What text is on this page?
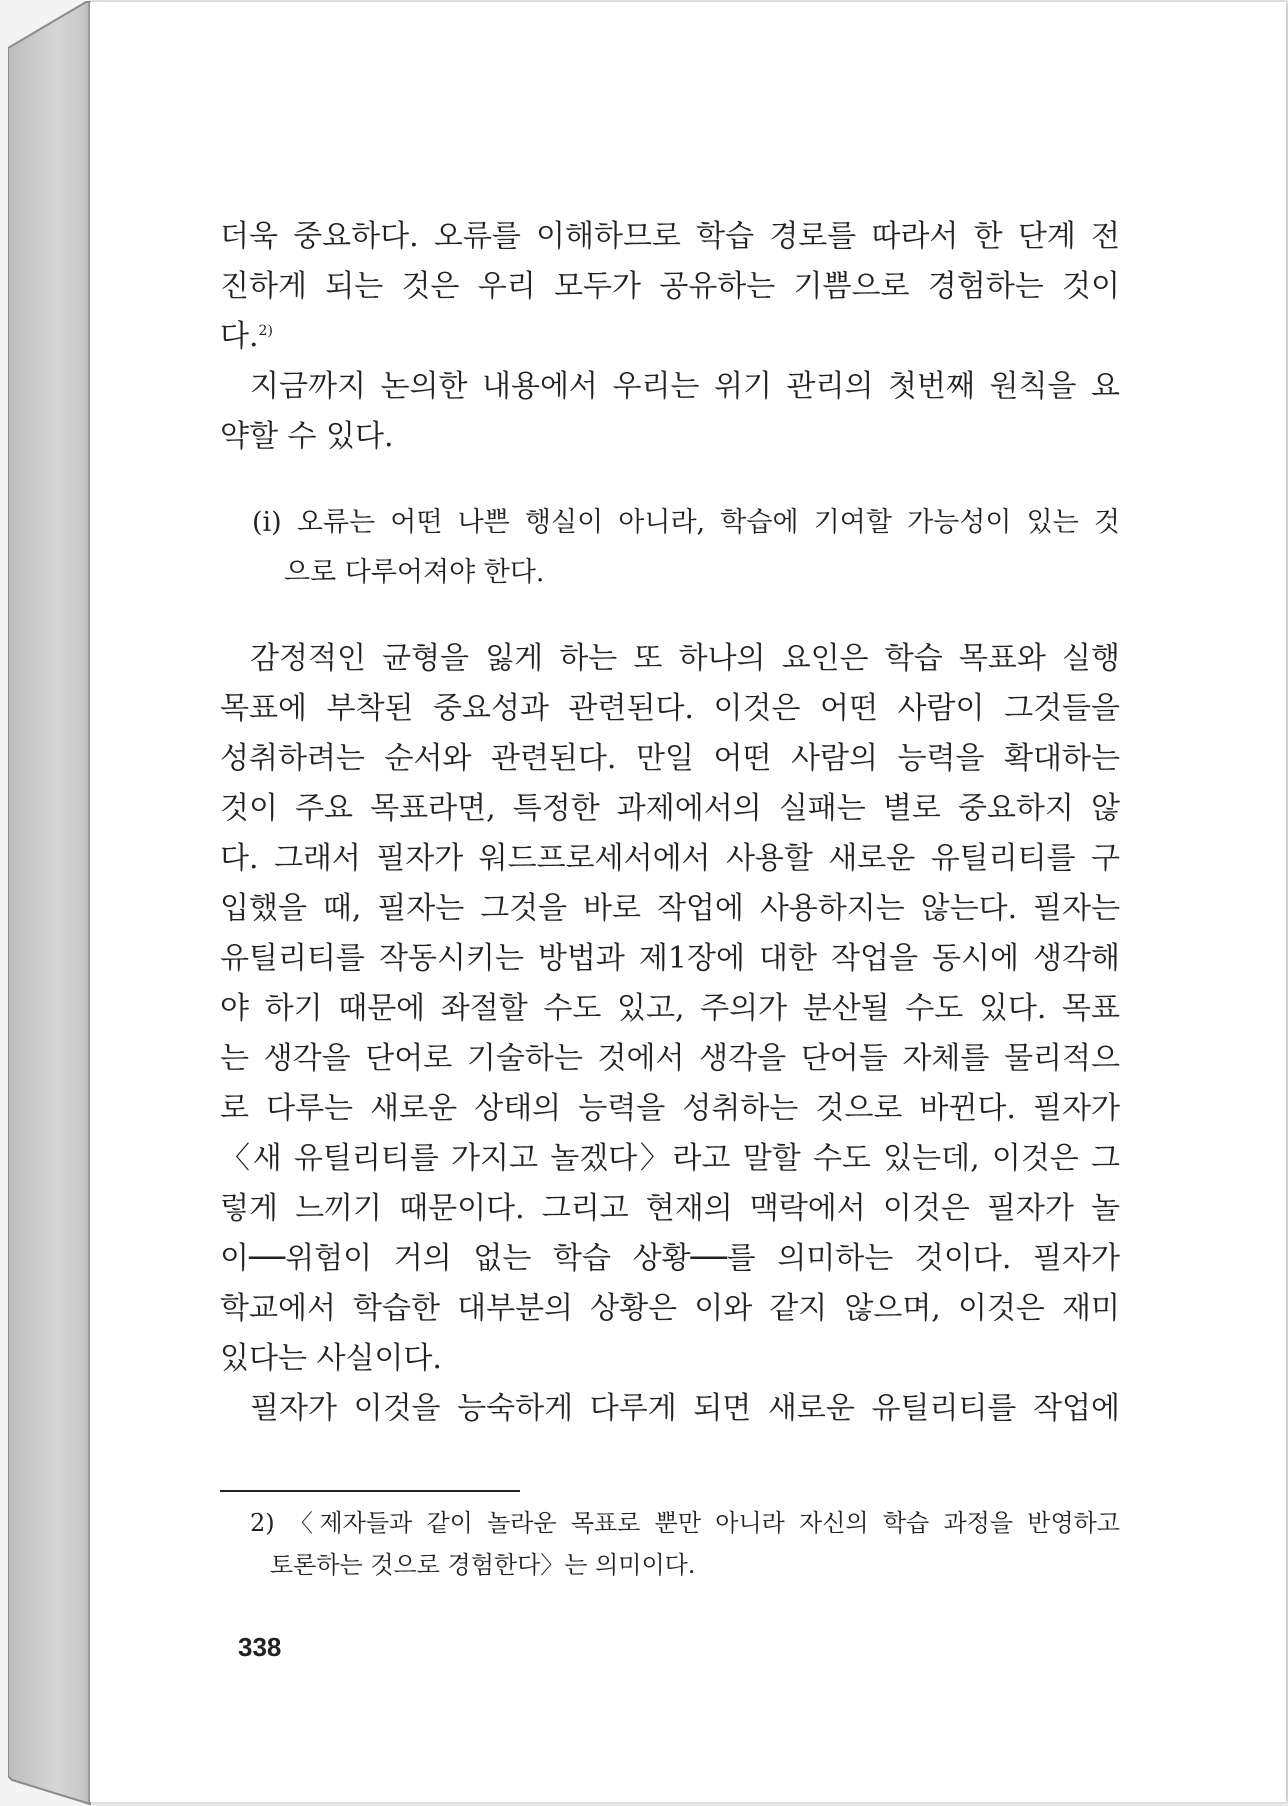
더욱 중요하다. 오류를 이해하므로 학습 경로를 따라서 한 단계 전
진하게 되는 것은 우리 모두가 공유하는 기쁨으로 경험하는 것이
다.$^{2)}$
지금까지 논의한 내용에서 우리는 위기 관리의 첫번째 원칙을 요
약할 수 있다.
(i) 오류는 어떤 나쁜 행실이 아니라, 학습에 기여할 가능성이 있는 것
으로 다루어져야 한다.
감정적인 균형을 잃게 하는 또 하나의 요인은 학습 목표와 실행
목표에 부착된 중요성과 관련된다. 이것은 어떤 사람이 그것들을
성취하려는 순서와 관련된다. 만일 어떤 사람의 능력을 확대하는
것이 주요 목표라면, 특정한 과제에서의 실패는 별로 중요하지 않
다. 그래서 필자가 워드프로세서에서 사용할 새로운 유틸리티를 구
입했을 때, 필자는 그것을 바로 작업에 사용하지는 않는다. 필자는
유틸리티를 작동시키는 방법과 제1장에 대한 작업을 동시에 생각해
야 하기 때문에 좌절할 수도 있고, 주의가 분산될 수도 있다. 목표
는 생각을 단어로 기술하는 것에서 생각을 단어들 자체를 물리적으
로 다루는 새로운 상태의 능력을 성취하는 것으로 바뀐다. 필자가
〈새 유틸리티를 가지고 놀겠다〉라고 말할 수도 있는데, 이것은 그
렇게 느끼기 때문이다. 그리고 현재의 맥락에서 이것은 필자가 놀
이──위험이 거의 없는 학습 상황──를 의미하는 것이다. 필자가
학교에서 학습한 대부분의 상황은 이와 같지 않으며, 이것은 재미
있다는 사실이다.
필자가 이것을 능숙하게 다루게 되면 새로운 유틸리티를 작업에
2) 〈제자들과 같이 놀라운 목표로 뿐만 아니라 자신의 학습 과정을 반영하고
토론하는 것으로 경험한다〉는 의미이다.
338
